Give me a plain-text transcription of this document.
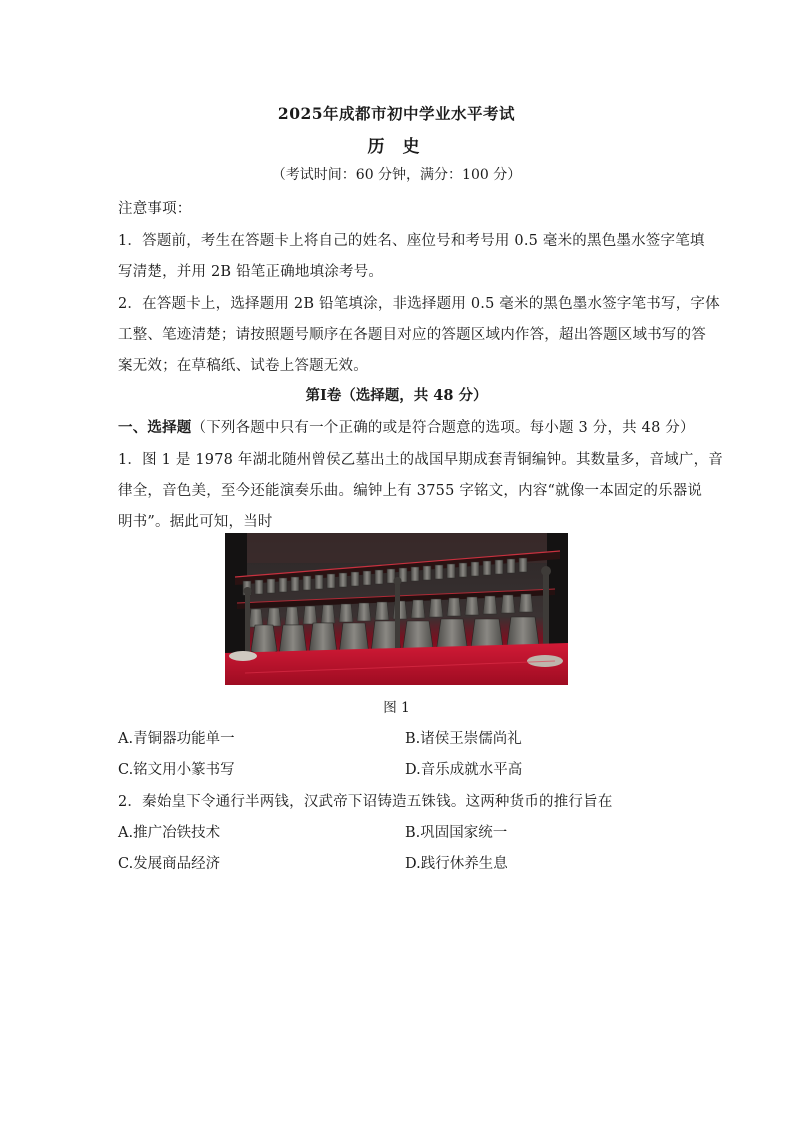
2025年成都市初中学业水平考试
历 史
（考试时间：60 分钟，满分：100 分）
注意事项：
1．答题前，考生在答题卡上将自己的姓名、座位号和考号用 0.5 毫米的黑色墨水签字笔填
写清楚，并用 2B 铅笔正确地填涂考号。
2．在答题卡上，选择题用 2B 铅笔填涂，非选择题用 0.5 毫米的黑色墨水签字笔书写，字体
工整、笔迹清楚；请按照题号顺序在各题目对应的答题区域内作答，超出答题区域书写的答
案无效；在草稿纸、试卷上答题无效。
第Ⅰ卷（选择题，共 48 分）
一、选择题（下列各题中只有一个正确的或是符合题意的选项。每小题 3 分，共 48 分）
1．图 1 是 1978 年湖北随州曾侯乙墓出土的战国早期成套青铜编钟。其数量多，音域广，音
律全，音色美，至今还能演奏乐曲。编钟上有 3755 字铭文，内容“就像一本固定的乐器说
明书”。据此可知，当时
图 1
A.青铜器功能单一	B.诸侯王崇儒尚礼
C.铭文用小篆书写	D.音乐成就水平高
2．秦始皇下令通行半两钱，汉武帝下诏铸造五铢钱。这两种货币的推行旨在
A.推广冶铁技术	B.巩固国家统一
C.发展商品经济	D.践行休养生息
